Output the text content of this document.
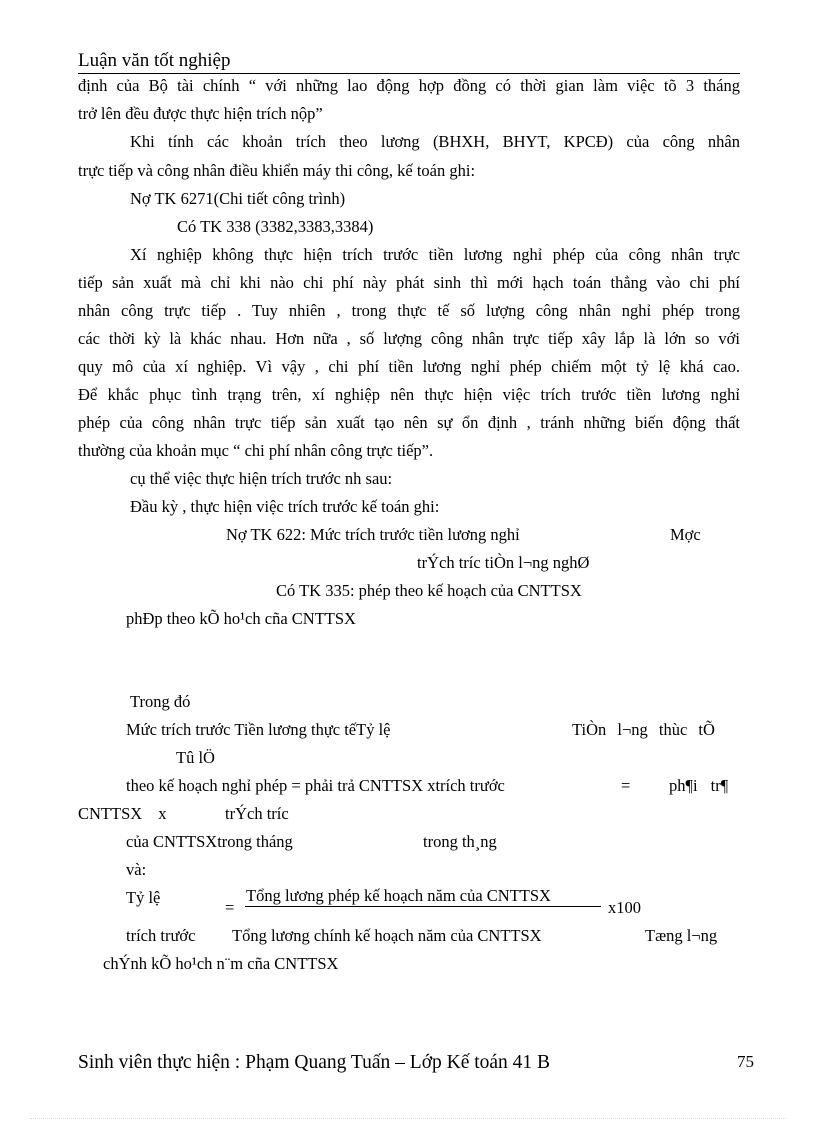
Luận văn tốt nghiệp
định của Bộ tài chính “ với những lao động hợp đồng có thời gian làm việc tõ 3 tháng
trở lên đều được thực hiện trích nộp”
Khi tính các khoản trích theo lương (BHXH, BHYT, KPCĐ) của công nhân
trực tiếp và công nhân điều khiển máy thi công, kế toán ghi:
Nợ TK 6271(Chi tiết công trình)
Có TK 338 (3382,3383,3384)
Xí nghiệp không thực hiện trích trước tiền lương nghỉ phép của công nhân trực
tiếp sản xuất mà chỉ khi nào chi phí này phát sinh thì mới hạch toán thẳng vào chi phí
nhân công trực tiếp . Tuy nhiên , trong thực tế số lượng công nhân nghỉ phép trong
các thời kỳ là khác nhau. Hơn nữa , số lượng công nhân trực tiếp xây lắp là lớn so với
quy mô của xí nghiệp. Vì vậy , chi phí tiền lương nghỉ phép chiếm một tỷ lệ khá cao.
Để khắc phục tình trạng trên, xí nghiệp nên thực hiện việc trích trước tiền lương nghỉ
phép của công nhân trực tiếp sản xuất tạo nên sự ổn định , tránh những biến động thất
thường của khoản mục “ chi phí nhân công trực tiếp”.
cụ thể việc thực hiện trích trước nh sau:
Đầu kỳ , thực hiện việc trích trước kế toán ghi:
Nợ TK 622: Mức trích trước tiền lương nghỉ	Mợc
trÝch tríc tiÒn l¬ng nghØ
Có TK 335: phép theo kế hoạch của CNTTSX
phÐp theo kÕ ho¹ch cña CNTTSX
Trong đó
Mức trích trước Tiền lương thực tếTỷ lệ	TiÒn l¬ng thùc tÕ
Tû lÖ
theo kế hoạch nghỉ phép = phải trả CNTTSX xtrích trước	= ph¶i tr¶
CNTTSX x	trÝch tríc
của CNTTSXtrong tháng	trong th¸ng
và:
Tỷ lệ
=
Tổng lương phép kế hoạch năm của CNTTSX
x100
trích trước Tổng lương chính kế hoạch năm của CNTTSX	Tæng l¬ng
chÝnh kÕ ho¹ch n¨m cña CNTTSX
Sinh viên thực hiện : Phạm Quang Tuấn – Lớp Kế toán 41 B	75
